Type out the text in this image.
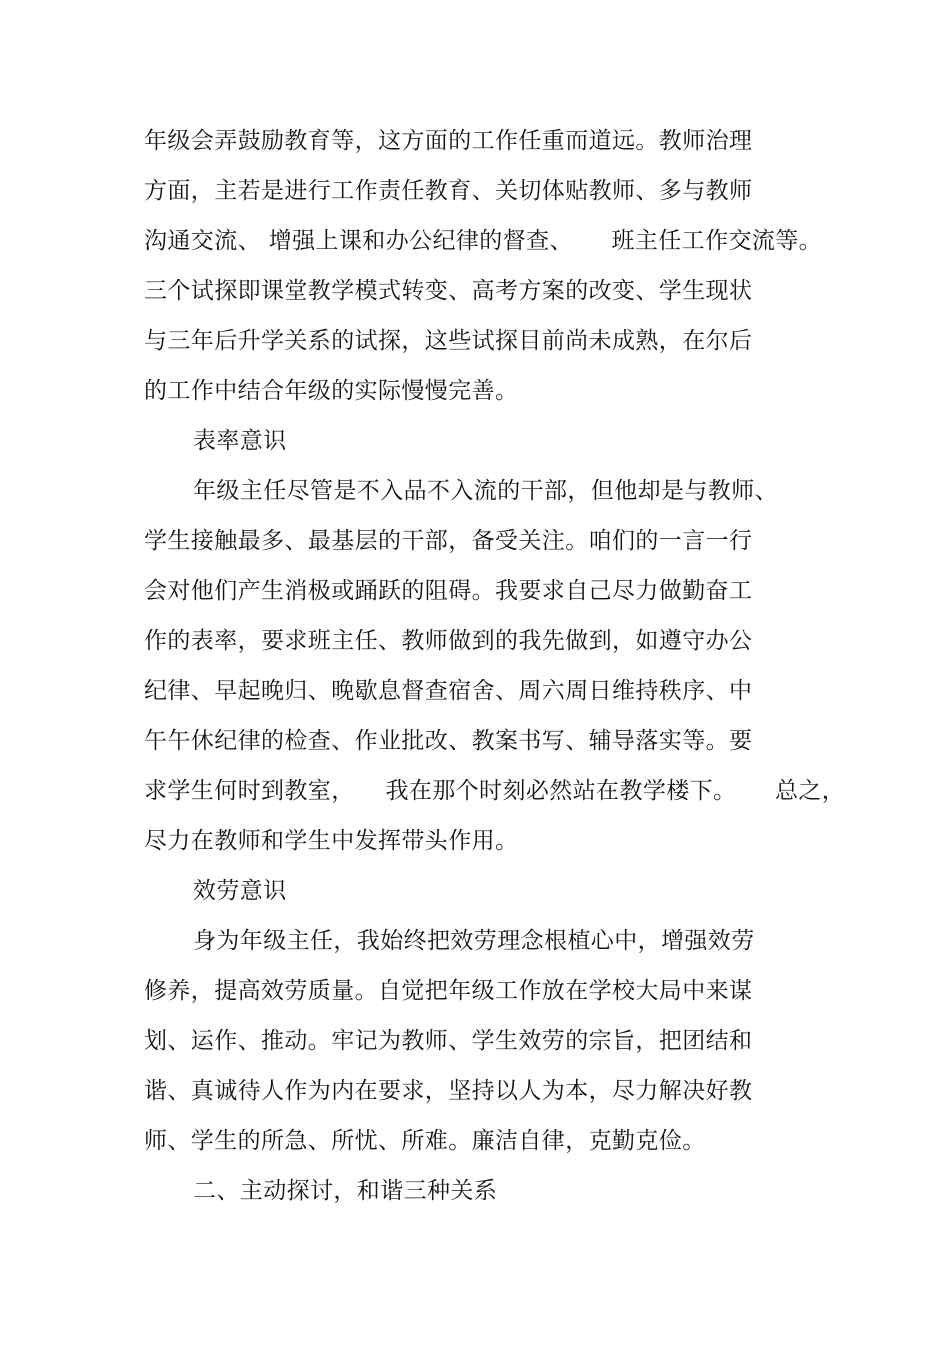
年级会弄鼓励教育等，这方面的工作任重而道远。教师治理
方面，主若是进行工作责任教育、关切体贴教师、多与教师
沟通交流、 增强上课和办公纪律的督查、     班主任工作交流等。
三个试探即课堂教学模式转变、高考方案的改变、学生现状
与三年后升学关系的试探，这些试探目前尚未成熟，在尔后
的工作中结合年级的实际慢慢完善。
表率意识
年级主任尽管是不入品不入流的干部，但他却是与教师、
学生接触最多、最基层的干部，备受关注。咱们的一言一行
会对他们产生消极或踊跃的阻碍。我要求自己尽力做勤奋工
作的表率，要求班主任、教师做到的我先做到，如遵守办公
纪律、早起晚归、晚歇息督查宿舍、周六周日维持秩序、中
午午休纪律的检查、作业批改、教案书写、辅导落实等。要
求学生何时到教室，    我在那个时刻必然站在教学楼下。     总之，
尽力在教师和学生中发挥带头作用。
效劳意识
身为年级主任，我始终把效劳理念根植心中，增强效劳
修养，提高效劳质量。自觉把年级工作放在学校大局中来谋
划、运作、推动。牢记为教师、学生效劳的宗旨，把团结和
谐、真诚待人作为内在要求，坚持以人为本，尽力解决好教
师、学生的所急、所忧、所难。廉洁自律，克勤克俭。
二、主动探讨，和谐三种关系
